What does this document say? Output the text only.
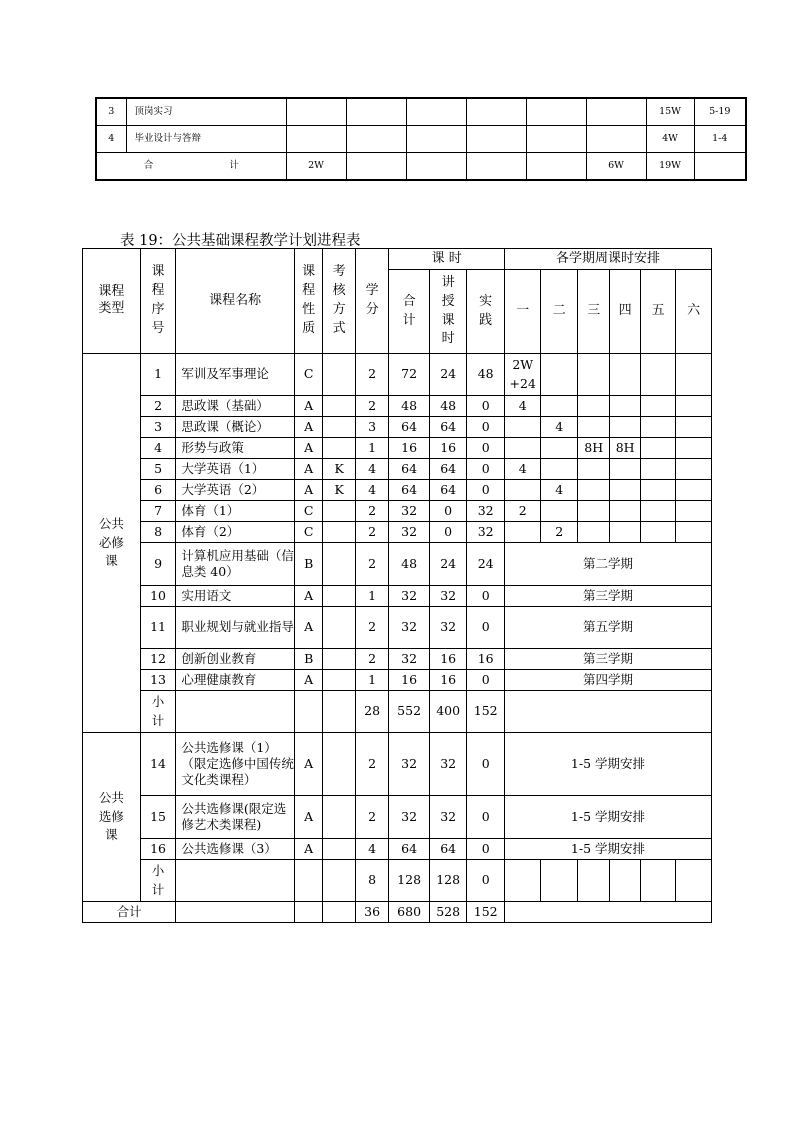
3	顶岗实习							15W	5-19
4	毕业设计与答辩							4W	1-4
合 计		2W					6W	19W	
表 19：公共基础课程教学计划进程表
课程类型	课程序号	课程名称	课程性质	考核方式	学分	课 时			各学期周课时安排					

						合计	讲授课时	实践	一	二	三	四	五	六

公共必修课	1	军训及军事理论	C		2	72	24	48	2W+24					

	2	思政课（基础）	A		2	48	48	0	4					
	3	思政课（概论）	A		3	64	64	0		4				
	4	形势与政策	A		1	16	16	0			8H	8H		
	5	大学英语（1）	A	K	4	64	64	0	4					
	6	大学英语（2）	A	K	4	64	64	0		4				
	7	体育（1）	C		2	32	0	32	2					
	8	体育（2）	C		2	32	0	32		2				
	9	计算机应用基础（信息类 40）	B		2	48	24	24	第二学期					
	10	实用语文	A		1	32	32	0	第三学期					
	11	职业规划与就业指导	A		2	32	32	0	第五学期					
	12	创新创业教育	B		2	32	16	16	第三学期					
	13	心理健康教育	A		1	16	16	0	第四学期					

	小计				28	552	400	152						

公共选修课	14	公共选修课（1）（限定选修中国传统文化类课程）	A		2	32	32	0	1-5 学期安排					
	15	公共选修课(限定选修艺术类课程)	A		2	32	32	0	1-5 学期安排					
	16	公共选修课（3）	A		4	64	64	0	1-5 学期安排					

	小计				8	128	128	0						
合计					36	680	528	152						
